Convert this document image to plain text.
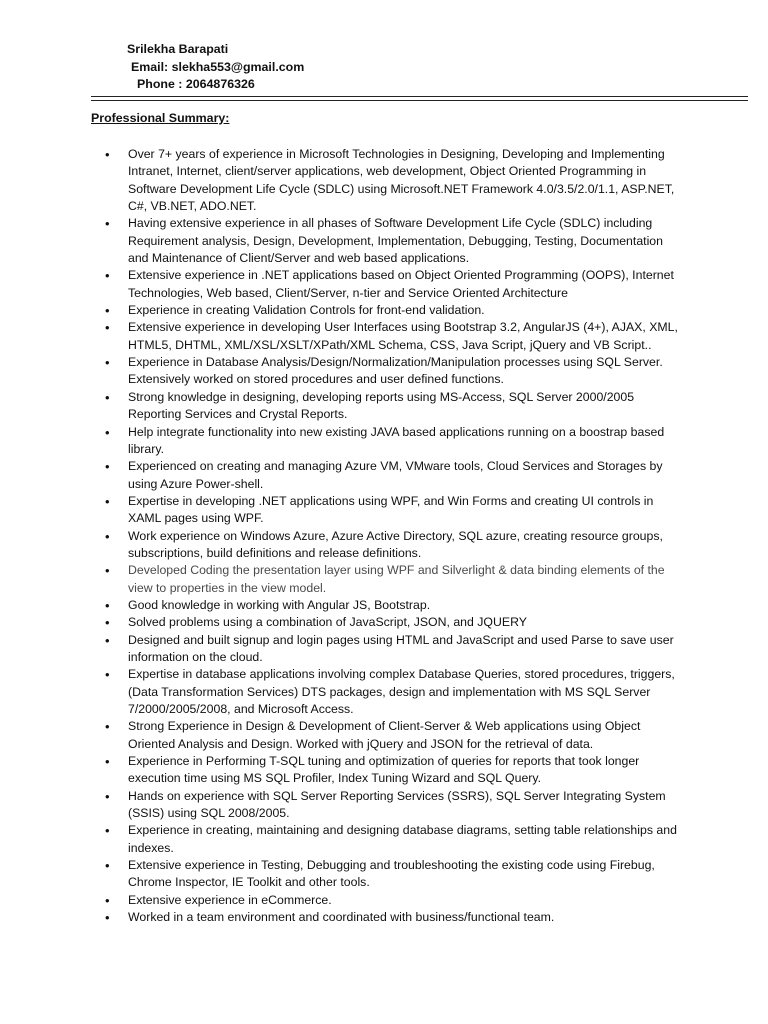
Srilekha Barapati
Email: slekha553@gmail.com
Phone : 2064876326
Professional Summary:
• Over 7+ years of experience in Microsoft Technologies in Designing, Developing and Implementing Intranet, Internet, client/server applications, web development, Object Oriented Programming in Software Development Life Cycle (SDLC) using Microsoft.NET Framework 4.0/3.5/2.0/1.1, ASP.NET, C#, VB.NET, ADO.NET.
• Having extensive experience in all phases of Software Development Life Cycle (SDLC) including Requirement analysis, Design, Development, Implementation, Debugging, Testing, Documentation and Maintenance of Client/Server and web based applications.
• Extensive experience in .NET applications based on Object Oriented Programming (OOPS), Internet Technologies, Web based, Client/Server, n-tier and Service Oriented Architecture
• Experience in creating Validation Controls for front-end validation.
• Extensive experience in developing User Interfaces using Bootstrap 3.2, AngularJS (4+), AJAX, XML, HTML5, DHTML, XML/XSL/XSLT/XPath/XML Schema, CSS, Java Script, jQuery and VB Script..
• Experience in Database Analysis/Design/Normalization/Manipulation processes using SQL Server. Extensively worked on stored procedures and user defined functions.
• Strong knowledge in designing, developing reports using MS-Access, SQL Server 2000/2005 Reporting Services and Crystal Reports.
• Help integrate functionality into new existing JAVA based applications running on a boostrap based library.
• Experienced on creating and managing Azure VM, VMware tools, Cloud Services and Storages by using Azure Power-shell.
• Expertise in developing .NET applications using WPF, and Win Forms and creating UI controls in XAML pages using WPF.
• Work experience on Windows Azure, Azure Active Directory, SQL azure, creating resource groups, subscriptions, build definitions and release definitions.
• Developed Coding the presentation layer using WPF and Silverlight & data binding elements of the view to properties in the view model.
• Good knowledge in working with Angular JS, Bootstrap.
• Solved problems using a combination of JavaScript, JSON, and JQUERY
• Designed and built signup and login pages using HTML and JavaScript and used Parse to save user information on the cloud.
• Expertise in database applications involving complex Database Queries, stored procedures, triggers, (Data Transformation Services) DTS packages, design and implementation with MS SQL Server 7/2000/2005/2008, and Microsoft Access.
• Strong Experience in Design & Development of Client-Server & Web applications using Object Oriented Analysis and Design. Worked with jQuery and JSON for the retrieval of data.
• Experience in Performing T-SQL tuning and optimization of queries for reports that took longer execution time using MS SQL Profiler, Index Tuning Wizard and SQL Query.
• Hands on experience with SQL Server Reporting Services (SSRS), SQL Server Integrating System (SSIS) using SQL 2008/2005.
• Experience in creating, maintaining and designing database diagrams, setting table relationships and indexes.
• Extensive experience in Testing, Debugging and troubleshooting the existing code using Firebug, Chrome Inspector, IE Toolkit and other tools.
• Extensive experience in eCommerce.
• Worked in a team environment and coordinated with business/functional team.
